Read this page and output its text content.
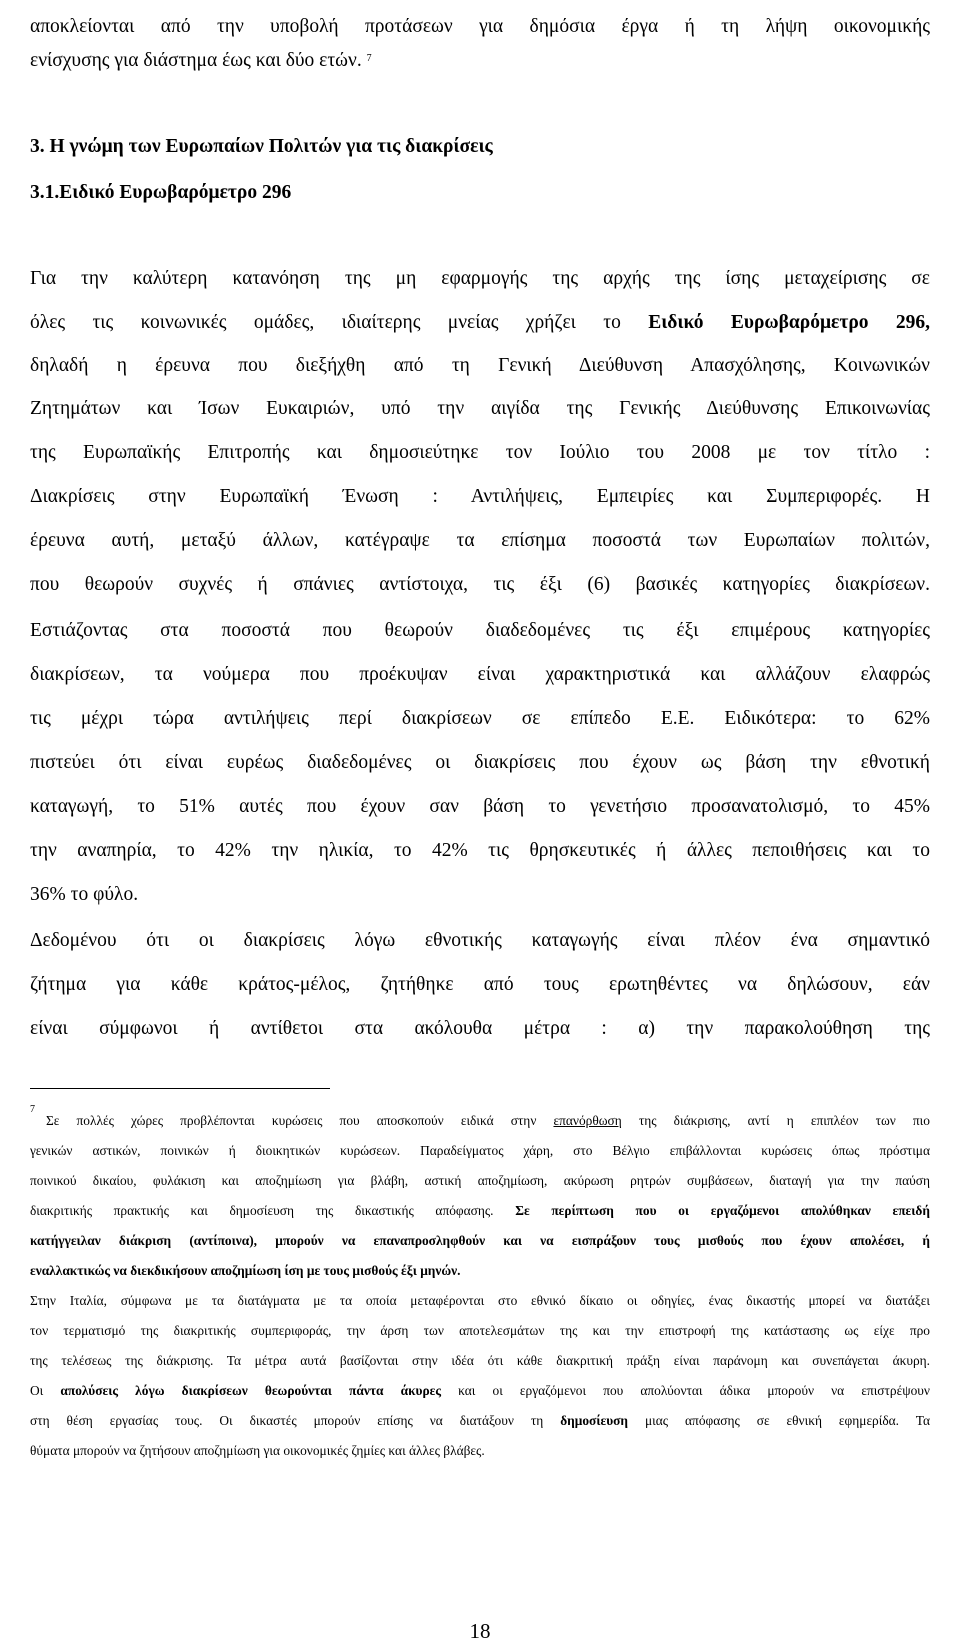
αποκλείονται από την υποβολή προτάσεων για δημόσια έργα ή τη λήψη οικονομικής

ενίσχυσης για διάστημα έως και δύο ετών. $^7$

3. Η γνώμη των Ευρωπαίων Πολιτών για τις διακρίσεις

3.1.Ειδικό Ευρωβαρόμετρο 296

Για την καλύτερη κατανόηση της μη εφαρμογής της αρχής της ίσης μεταχείρισης σε

όλες τις κοινωνικές ομάδες, ιδιαίτερης μνείας χρήζει το Ειδικό Ευρωβαρόμετρο 296,

δηλαδή η έρευνα που διεξήχθη από τη Γενική Διεύθυνση Απασχόλησης, Κοινωνικών

Ζητημάτων και Ίσων Ευκαιριών, υπό την αιγίδα της Γενικής Διεύθυνσης Επικοινωνίας

της Ευρωπαϊκής Επιτροπής και δημοσιεύτηκε τον Ιούλιο του 2008 με τον τίτλο :

Διακρίσεις στην Ευρωπαϊκή Ένωση : Αντιλήψεις, Εμπειρίες και Συμπεριφορές. Η

έρευνα αυτή, μεταξύ άλλων, κατέγραψε τα επίσημα ποσοστά των Ευρωπαίων πολιτών,

που θεωρούν συχνές ή σπάνιες αντίστοιχα, τις έξι (6) βασικές κατηγορίες διακρίσεων.

Εστιάζοντας στα ποσοστά που θεωρούν διαδεδομένες τις έξι επιμέρους κατηγορίες

διακρίσεων, τα νούμερα που προέκυψαν είναι χαρακτηριστικά και αλλάζουν ελαφρώς

τις μέχρι τώρα αντιλήψεις περί διακρίσεων σε επίπεδο Ε.Ε. Ειδικότερα: το 62%

πιστεύει ότι είναι ευρέως διαδεδομένες οι διακρίσεις που έχουν ως βάση την εθνοτική

καταγωγή, το 51% αυτές που έχουν σαν βάση το γενετήσιο προσανατολισμό, το 45%

την αναπηρία, το 42% την ηλικία, το 42% τις θρησκευτικές ή άλλες πεποιθήσεις και το

36% το φύλο.

Δεδομένου ότι οι διακρίσεις λόγω εθνοτικής καταγωγής είναι πλέον ένα σημαντικό

ζήτημα για κάθε κράτος-μέλος, ζητήθηκε από τους ερωτηθέντες να δηλώσουν, εάν

είναι σύμφωνοι ή αντίθετοι στα ακόλουθα μέτρα : α) την παρακολούθηση της

7

Σε πολλές χώρες προβλέπονται κυρώσεις που αποσκοπούν ειδικά στην επανόρθωση της διάκρισης, αντί η επιπλέον των πιο

γενικών αστικών, ποινικών ή διοικητικών κυρώσεων. Παραδείγματος χάρη, στο Βέλγιο επιβάλλονται κυρώσεις όπως πρόστιμα

ποινικού δικαίου, φυλάκιση και αποζημίωση για βλάβη, αστική αποζημίωση, ακύρωση ρητρών συμβάσεων, διαταγή για την παύση

διακριτικής πρακτικής και δημοσίευση της δικαστικής απόφασης. Σε περίπτωση που οι εργαζόμενοι απολύθηκαν επειδή

κατήγγειλαν διάκριση (αντίποινα), μπορούν να επαναπροσληφθούν και να εισπράξουν τους μισθούς που έχουν απολέσει, ή

εναλλακτικώς να διεκδικήσουν αποζημίωση ίση με τους μισθούς έξι μηνών.

Στην Ιταλία, σύμφωνα με τα διατάγματα με τα οποία μεταφέρονται στο εθνικό δίκαιο οι οδηγίες, ένας δικαστής μπορεί να διατάξει

τον τερματισμό της διακριτικής συμπεριφοράς, την άρση των αποτελεσμάτων της και την επιστροφή της κατάστασης ως είχε προ

της τελέσεως της διάκρισης. Τα μέτρα αυτά βασίζονται στην ιδέα ότι κάθε διακριτική πράξη είναι παράνομη και συνεπάγεται άκυρη.

Οι απολύσεις λόγω διακρίσεων θεωρούνται πάντα άκυρες και οι εργαζόμενοι που απολύονται άδικα μπορούν να επιστρέψουν

στη θέση εργασίας τους. Οι δικαστές μπορούν επίσης να διατάξουν τη δημοσίευση μιας απόφασης σε εθνική εφημερίδα. Τα

θύματα μπορούν να ζητήσουν αποζημίωση για οικονομικές ζημίες και άλλες βλάβες.

18
